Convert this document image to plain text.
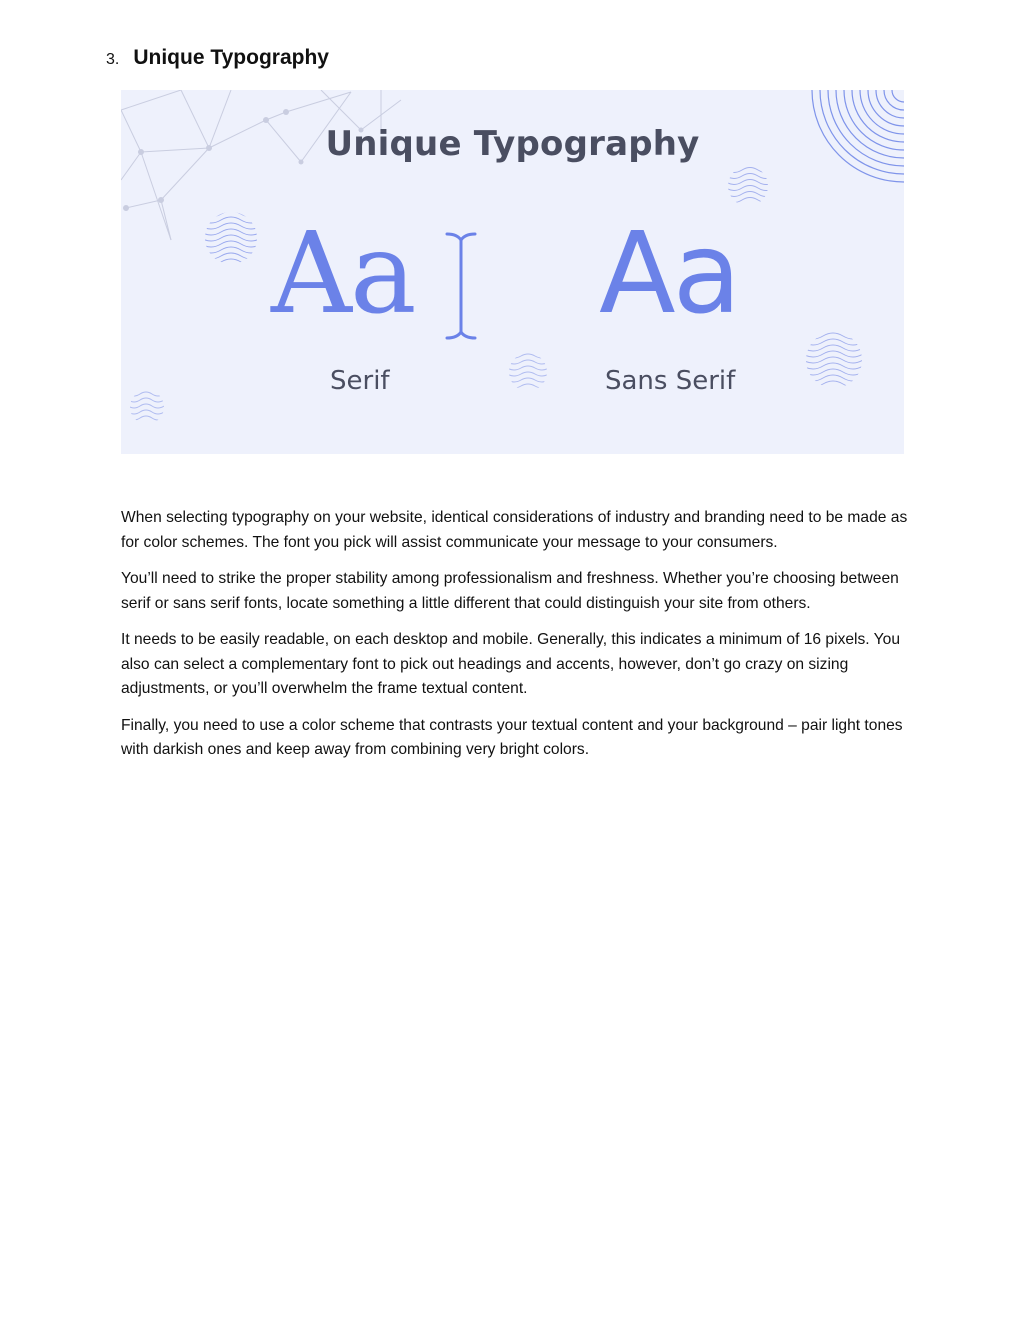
3. Unique Typography
Unique Typography
Aa Aa
Serif	Sans Serif

When selecting typography on your website, identical considerations of industry and branding need to be made as for color schemes. The font you pick will assist communicate your message to your consumers.

You’ll need to strike the proper stability among professionalism and freshness. Whether you’re choosing between serif or sans serif fonts, locate something a little different that could distinguish your site from others.

It needs to be easily readable, on each desktop and mobile. Generally, this indicates a minimum of 16 pixels. You also can select a complementary font to pick out headings and accents, however, don’t go crazy on sizing adjustments, or you’ll overwhelm the frame textual content.

Finally, you need to use a color scheme that contrasts your textual content and your background – pair light tones with darkish ones and keep away from combining very bright colors.
